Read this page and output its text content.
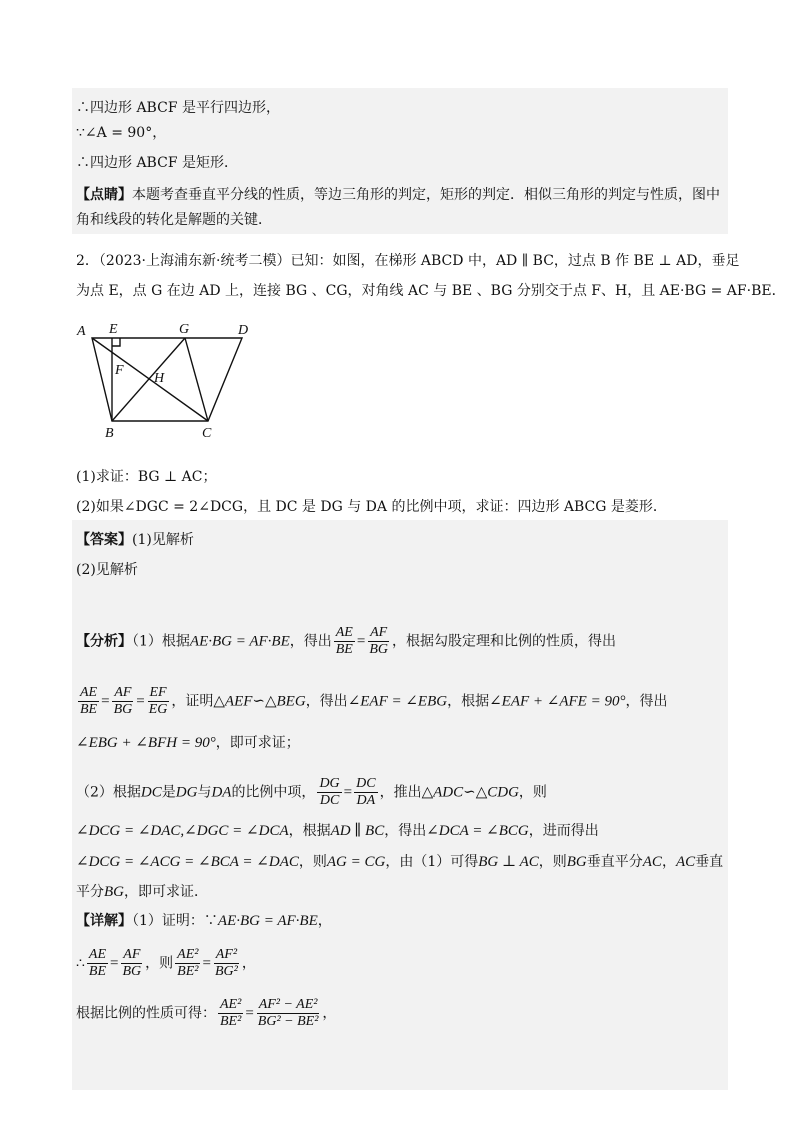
∴四边形 ABCF 是平行四边形，
∵∠A = 90°，
∴四边形 ABCF 是矩形．
【点睛】本题考查垂直平分线的性质，等边三角形的判定，矩形的判定．相似三角形的判定与性质，图中
角和线段的转化是解题的关键．
2．（2023·上海浦东新·统考二模）已知：如图，在梯形 ABCD 中，AD ∥ BC，过点 B 作 BE ⊥ AD，垂足
为点 E，点 G 在边 AD 上，连接 BG 、CG，对角线 AC 与 BE 、BG 分别交于点 F、H，且 AE·BG = AF·BE．
A E	G	D
F
H
B	C
(1)求证：BG ⊥ AC；
(2)如果∠DGC = 2∠DCG，且 DC 是 DG 与 DA 的比例中项，求证：四边形 ABCG 是菱形．
【答案】(1)见解析
(2)见解析
【分析】（1）根据AE·BG = AF·BE，得出 $\frac{AE}{BE} = \frac{AF}{BG}$ ，根据勾股定理和比例的性质，得出
$\frac{AE}{BE} = \frac{AF}{BG} = \frac{EF}{EG}$ ，证明△AEF∽△BEG，得出∠EAF = ∠EBG，根据∠EAF + ∠AFE = 90°，得出
∠EBG + ∠BFH = 90°，即可求证；
（2）根据DC是DG与DA的比例中项， $\frac{DG}{DC} = \frac{DC}{DA}$ ，推出△ADC∽△CDG，则
∠DCG = ∠DAC,∠DGC = ∠DCA，根据AD ∥ BC，得出∠DCA = ∠BCG，进而得出
∠DCG = ∠ACG = ∠BCA = ∠DAC，则AG = CG，由（1）可得BG ⊥ AC，则BG垂直平分AC，AC垂直
平分BG，即可求证．
【详解】（1）证明：∵AE·BG = AF·BE，
∴ $\frac{AE}{BE} = \frac{AF}{BG}$ ，则 $\frac{\text{AE²}}{\text{BE²}} = \frac{\text{AF²}}{\text{BG²}}$ ，
根据比例的性质可得： $\frac{\text{AE²}}{\text{BE²}} = \frac{\text{AF² − AE²}}{\text{BG² − BE²}}$ ，
